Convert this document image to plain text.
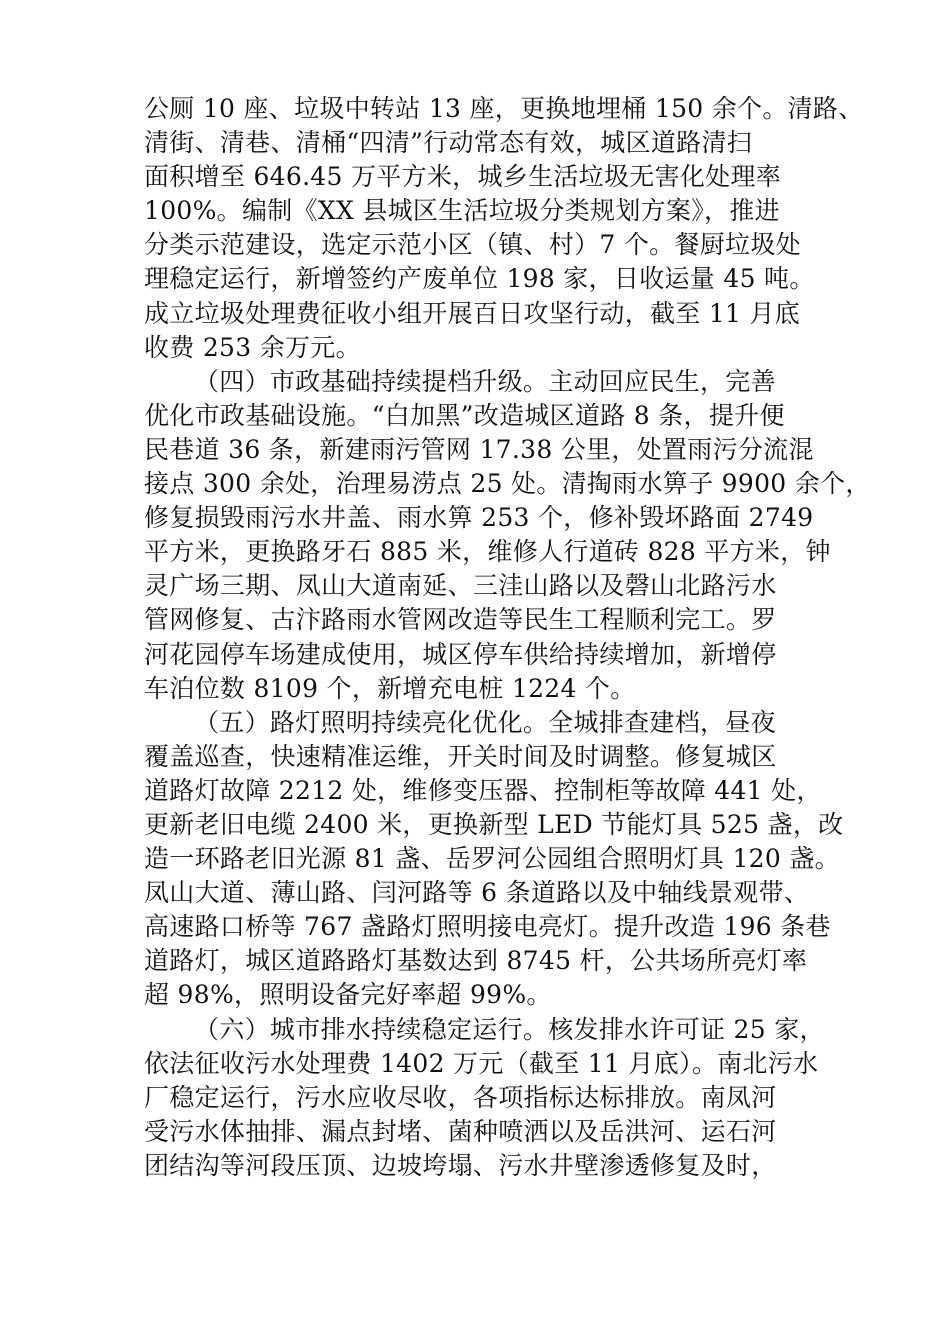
公厕 10 座、垃圾中转站 13 座，更换地埋桶 150 余个。清路、
清街、清巷、清桶“四清”行动常态有效，城区道路清扫
面积增至 646.45 万平方米，城乡生活垃圾无害化处理率
100%。编制《XX 县城区生活垃圾分类规划方案》，推进
分类示范建设，选定示范小区（镇、村）7 个。餐厨垃圾处
理稳定运行，新增签约产废单位 198 家，日收运量 45 吨。
成立垃圾处理费征收小组开展百日攻坚行动，截至 11 月底
收费 253 余万元。
（四）市政基础持续提档升级。主动回应民生，完善
优化市政基础设施。“白加黑”改造城区道路 8 条，提升便
民巷道 36 条，新建雨污管网 17.38 公里，处置雨污分流混
接点 300 余处，治理易涝点 25 处。清掏雨水箅子 9900 余个，
修复损毁雨污水井盖、雨水箅 253 个，修补毁坏路面 2749
平方米，更换路牙石 885 米，维修人行道砖 828 平方米，钟
灵广场三期、凤山大道南延、三洼山路以及磬山北路污水
管网修复、古汴路雨水管网改造等民生工程顺利完工。罗
河花园停车场建成使用，城区停车供给持续增加，新增停
车泊位数 8109 个，新增充电桩 1224 个。
（五）路灯照明持续亮化优化。全城排查建档，昼夜
覆盖巡查，快速精准运维，开关时间及时调整。修复城区
道路灯故障 2212 处，维修变压器、控制柜等故障 441 处，
更新老旧电缆 2400 米，更换新型 LED 节能灯具 525 盏，改
造一环路老旧光源 81 盏、岳罗河公园组合照明灯具 120 盏。
凤山大道、薄山路、闫河路等 6 条道路以及中轴线景观带、
高速路口桥等 767 盏路灯照明接电亮灯。提升改造 196 条巷
道路灯，城区道路路灯基数达到 8745 杆，公共场所亮灯率
超 98%，照明设备完好率超 99%。
（六）城市排水持续稳定运行。核发排水许可证 25 家，
依法征收污水处理费 1402 万元（截至 11 月底）。南北污水
厂稳定运行，污水应收尽收，各项指标达标排放。南凤河
受污水体抽排、漏点封堵、菌种喷洒以及岳洪河、运石河
团结沟等河段压顶、边坡垮塌、污水井壁渗透修复及时，
